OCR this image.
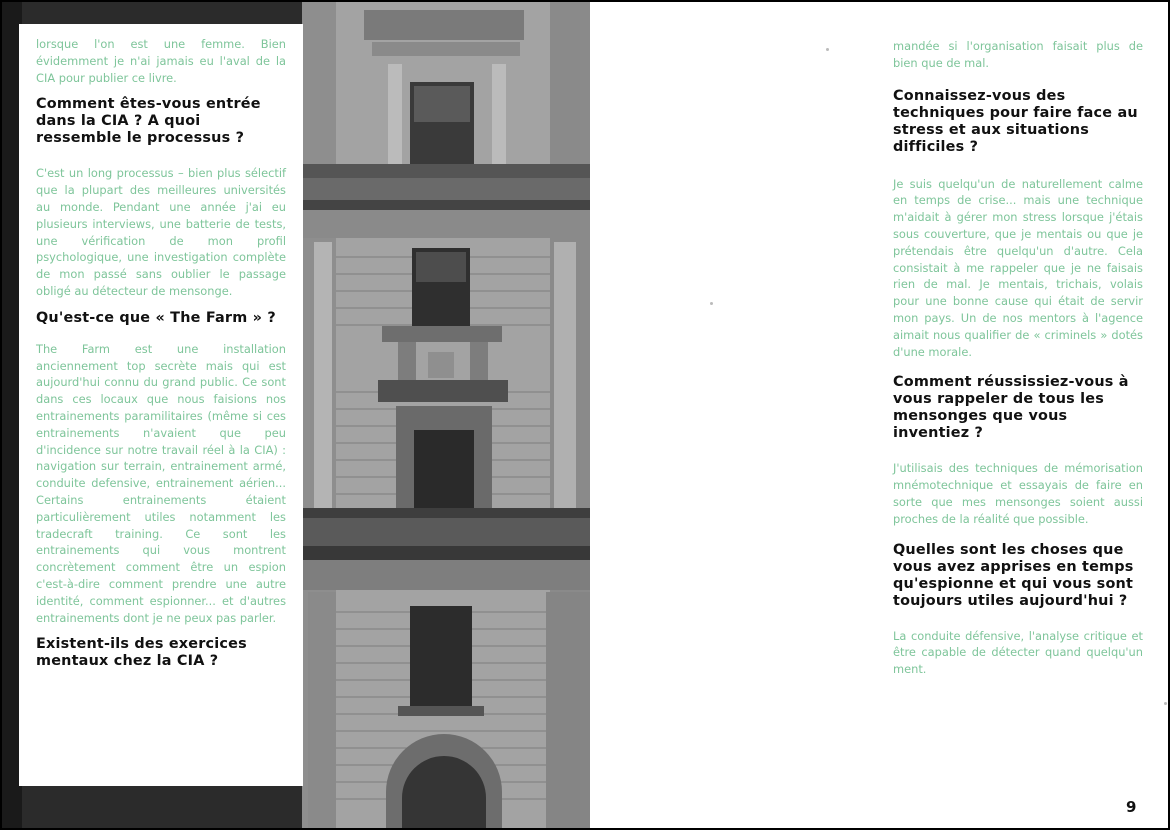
lorsque l'on est une femme. Bien évidemment je n'ai jamais eu l'aval de la CIA pour publier ce livre.

Comment êtes-vous entrée dans la CIA ? A quoi ressemble le processus ?

C'est un long processus – bien plus sélectif que la plupart des meilleures universités au monde. Pendant une année j'ai eu plusieurs interviews, une batterie de tests, une vérification de mon profil psychologique, une investigation complète de mon passé sans oublier le passage obligé au détecteur de mensonge.

Qu'est-ce que « The Farm » ?

The Farm est une installation anciennement top secrète mais qui est aujourd'hui connu du grand public. Ce sont dans ces locaux que nous faisions nos entrainements paramilitaires (même si ces entrainements n'avaient que peu d'incidence sur notre travail réel à la CIA) : navigation sur terrain, entrainement armé, conduite defensive, entrainement aérien... Certains entrainements étaient particulièrement utiles notamment les tradecraft training. Ce sont les entrainements qui vous montrent concrètement comment être un espion c'est-à-dire comment prendre une autre identité, comment espionner... et d'autres entrainements dont je ne peux pas parler.

Existent-ils des exercices mentaux chez la CIA ?

mandée si l'organisation faisait plus de bien que de mal.

Connaissez-vous des techniques pour faire face au stress et aux situations difficiles ?

Je suis quelqu'un de naturellement calme en temps de crise... mais une technique m'aidait à gérer mon stress lorsque j'étais sous couverture, que je mentais ou que je prétendais être quelqu'un d'autre. Cela consistait à me rappeler que je ne faisais rien de mal. Je mentais, trichais, volais pour une bonne cause qui était de servir mon pays. Un de nos mentors à l'agence aimait nous qualifier de « criminels » dotés d'une morale.

Comment réussissiez-vous à vous rappeler de tous les mensonges que vous inventiez ?

J'utilisais des techniques de mémorisation mnémotechnique et essayais de faire en sorte que mes mensonges soient aussi proches de la réalité que possible.

Quelles sont les choses que vous avez apprises en temps qu'espionne et qui vous sont toujours utiles aujourd'hui ?

La conduite défensive, l'analyse critique et être capable de détecter quand quelqu'un ment.

9
